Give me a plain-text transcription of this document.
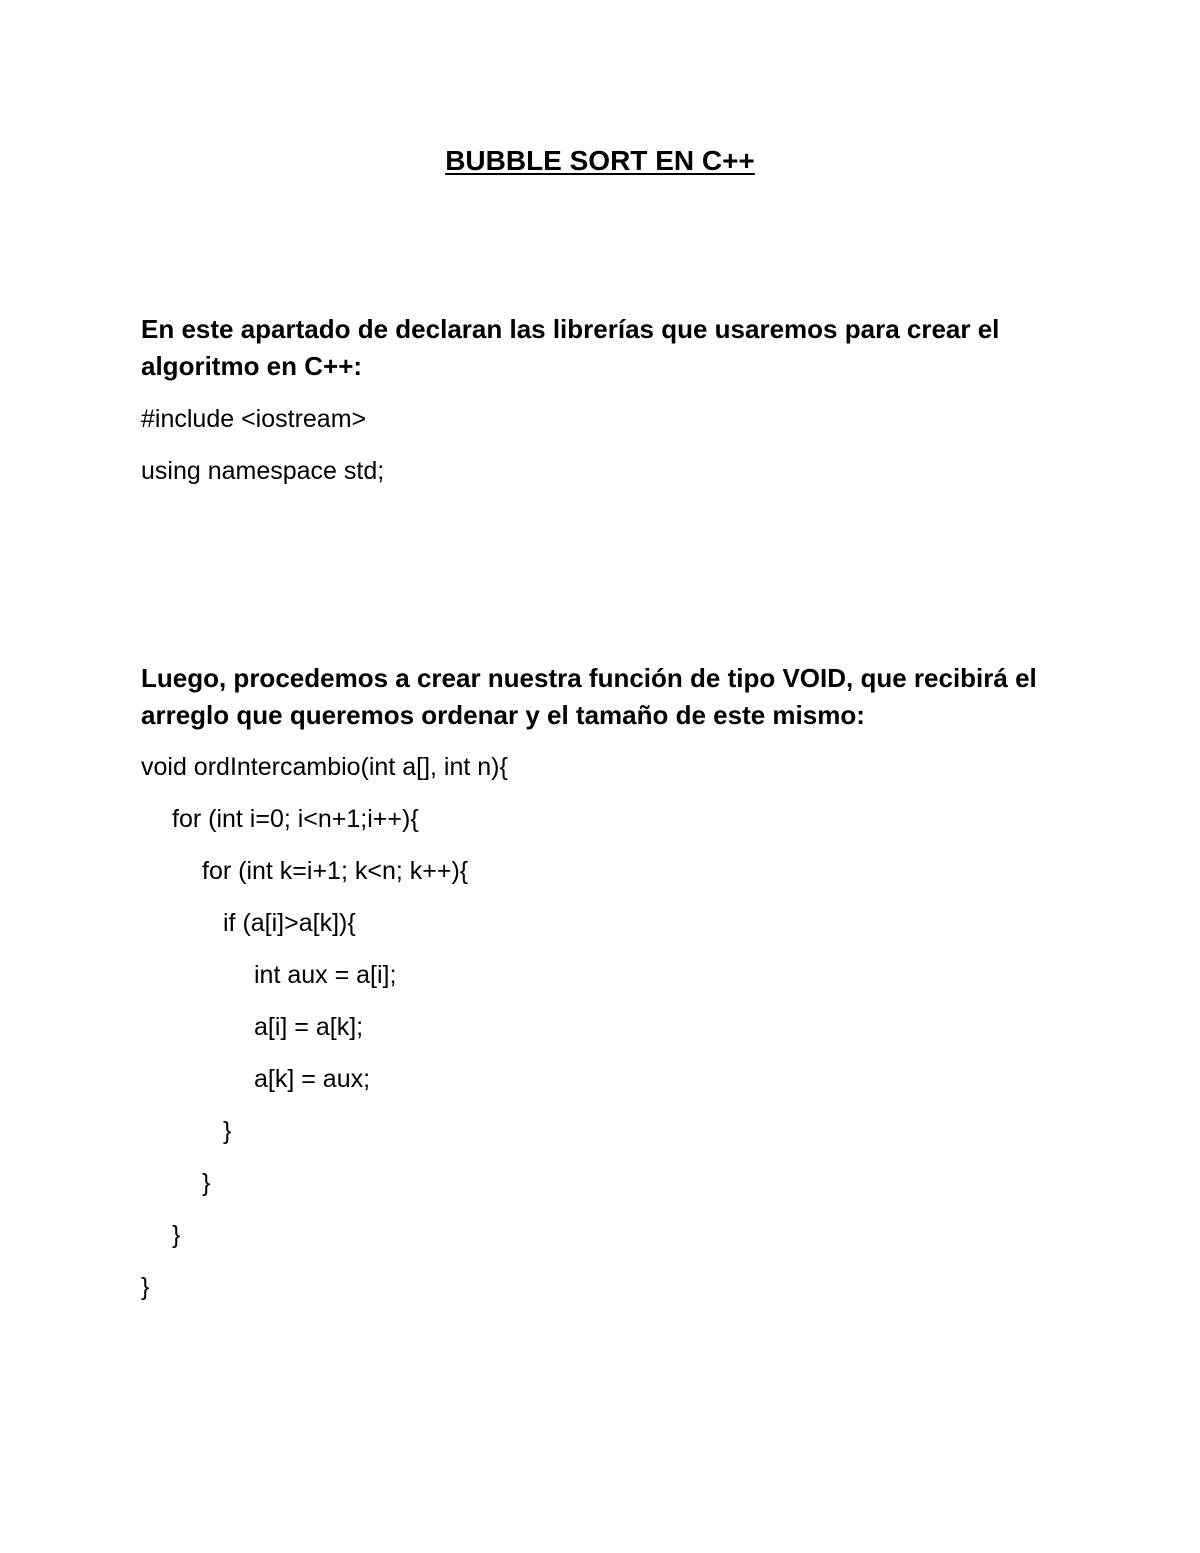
BUBBLE SORT EN C++

En este apartado de declaran las librerías que usaremos para crear el algoritmo en C++:

#include <iostream>

using namespace std;

Luego, procedemos a crear nuestra función de tipo VOID, que recibirá el arreglo que queremos ordenar y el tamaño de este mismo:

void ordIntercambio(int a[], int n){

for (int i=0; i<n+1;i++){

for (int k=i+1; k<n; k++){

if (a[i]>a[k]){

int aux = a[i];

a[i] = a[k];

a[k] = aux;

}

}

}

}
